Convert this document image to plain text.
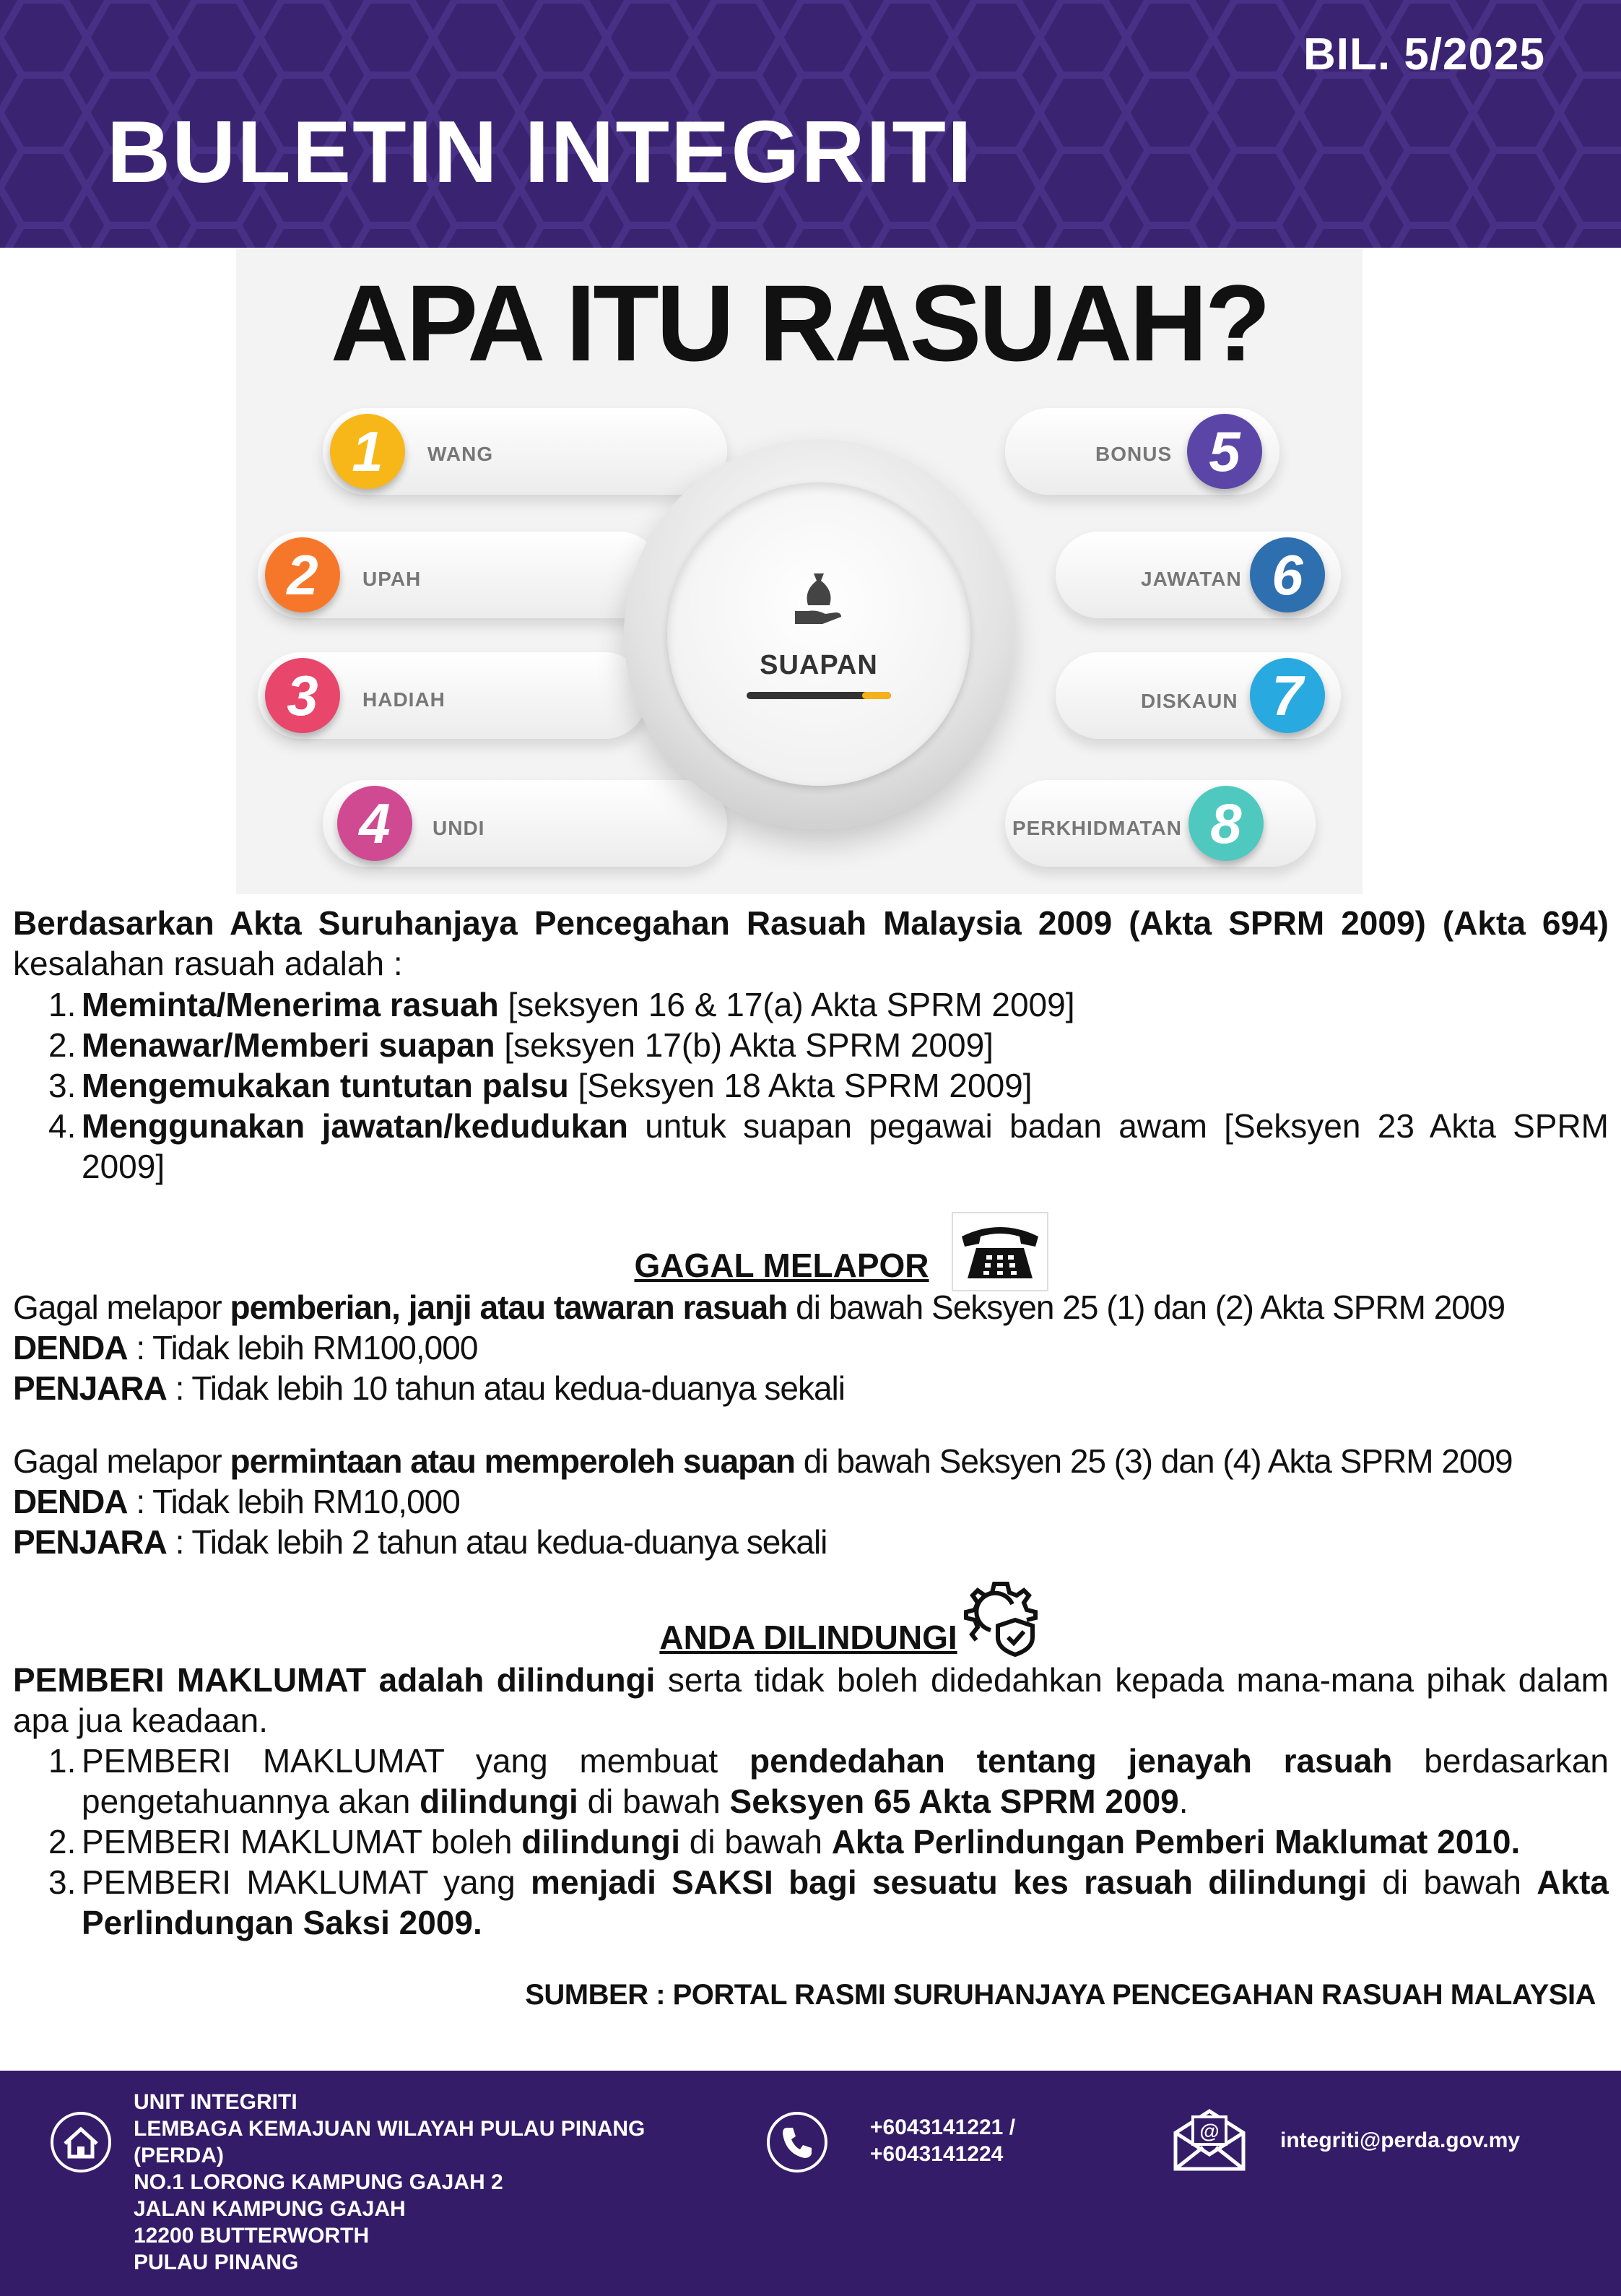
BIL. 5/2025
BULETIN INTEGRITI
APA ITU RASUAH?
1	WANG
2	UPAH
3	HADIAH
4	UNDI
5
BONUS
6
JAWATAN
7
DISKAUN
8
PERKHIDMATAN
SUAPAN
Berdasarkan Akta Suruhanjaya Pencegahan Rasuah Malaysia 2009 (Akta SPRM 2009) (Akta 694) kesalahan rasuah adalah :
1. Meminta/Menerima rasuah [seksyen 16 & 17(a) Akta SPRM 2009]
2. Menawar/Memberi suapan [seksyen 17(b) Akta SPRM 2009]
3. Mengemukakan tuntutan palsu [Seksyen 18 Akta SPRM 2009]
4. Menggunakan jawatan/kedudukan untuk suapan pegawai badan awam [Seksyen 23 Akta SPRM 2009]
GAGAL MELAPOR
Gagal melapor pemberian, janji atau tawaran rasuah di bawah Seksyen 25 (1) dan (2) Akta SPRM 2009
DENDA : Tidak lebih RM100,000
PENJARA : Tidak lebih 10 tahun atau kedua-duanya sekali
Gagal melapor permintaan atau memperoleh suapan di bawah Seksyen 25 (3) dan (4) Akta SPRM 2009
DENDA : Tidak lebih RM10,000
PENJARA : Tidak lebih 2 tahun atau kedua-duanya sekali
ANDA DILINDUNGI
PEMBERI MAKLUMAT adalah dilindungi serta tidak boleh didedahkan kepada mana-mana pihak dalam apa jua keadaan.
1. PEMBERI MAKLUMAT yang membuat pendedahan tentang jenayah rasuah berdasarkan pengetahuannya akan dilindungi di bawah Seksyen 65 Akta SPRM 2009.
2. PEMBERI MAKLUMAT boleh dilindungi di bawah Akta Perlindungan Pemberi Maklumat 2010.
3. PEMBERI MAKLUMAT yang menjadi SAKSI bagi sesuatu kes rasuah dilindungi di bawah Akta Perlindungan Saksi 2009.
SUMBER : PORTAL RASMI SURUHANJAYA PENCEGAHAN RASUAH MALAYSIA
UNIT INTEGRITI
LEMBAGA KEMAJUAN WILAYAH PULAU PINANG
(PERDA)
NO.1 LORONG KAMPUNG GAJAH 2
JALAN KAMPUNG GAJAH
12200 BUTTERWORTH
PULAU PINANG
+6043141221 /
+6043141224
@	integriti@perda.gov.my
